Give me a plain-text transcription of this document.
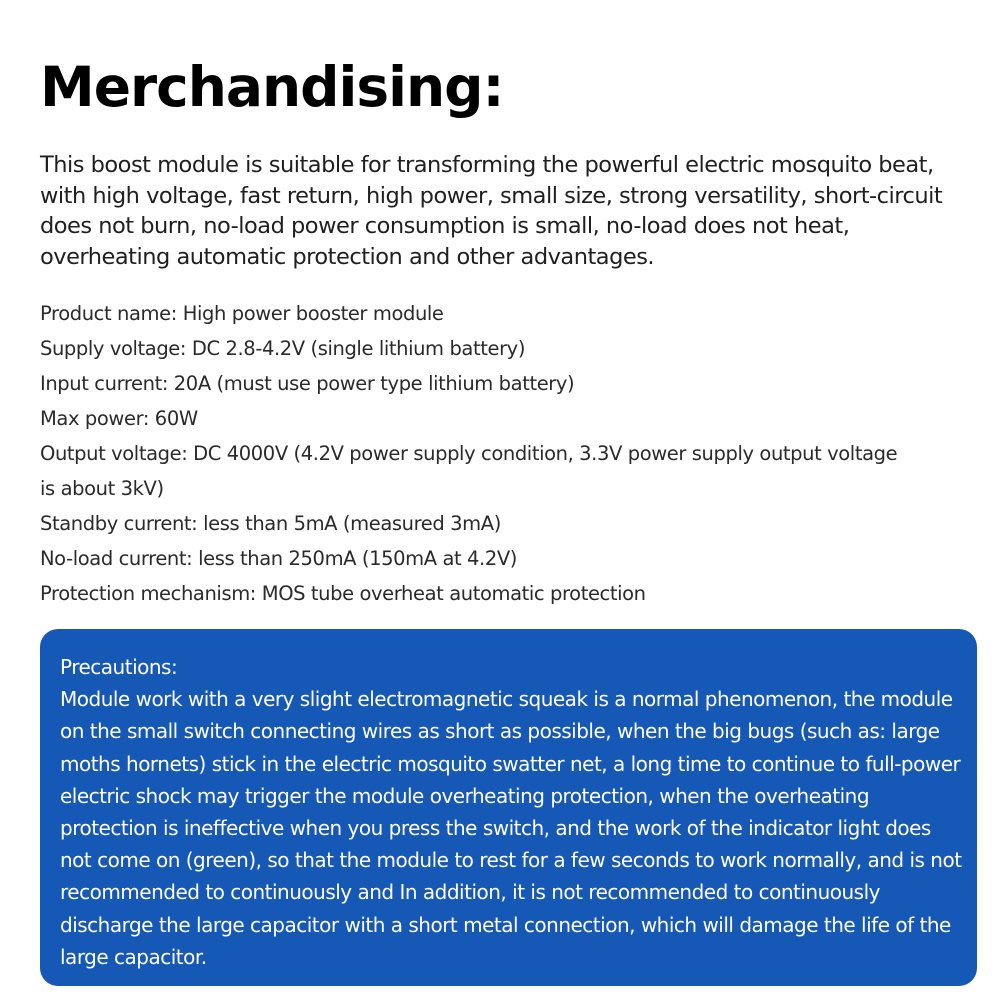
Merchandising:

This boost module is suitable for transforming the powerful electric mosquito beat,
with high voltage, fast return, high power, small size, strong versatility, short-circuit
does not burn, no-load power consumption is small, no-load does not heat,
overheating automatic protection and other advantages.

Product name: High power booster module
Supply voltage: DC 2.8-4.2V (single lithium battery)
Input current: 20A (must use power type lithium battery)
Max power: 60W
Output voltage: DC 4000V (4.2V power supply condition, 3.3V power supply output voltage
is about 3kV)
Standby current: less than 5mA (measured 3mA)
No-load current: less than 250mA (150mA at 4.2V)
Protection mechanism: MOS tube overheat automatic protection
Precautions:
Module work with a very slight electromagnetic squeak is a normal phenomenon, the module
on the small switch connecting wires as short as possible, when the big bugs (such as: large
moths hornets) stick in the electric mosquito swatter net, a long time to continue to full-power
electric shock may trigger the module overheating protection, when the overheating
protection is ineffective when you press the switch, and the work of the indicator light does
not come on (green), so that the module to rest for a few seconds to work normally, and is not
recommended to continuously and In addition, it is not recommended to continuously
discharge the large capacitor with a short metal connection, which will damage the life of the
large capacitor.
